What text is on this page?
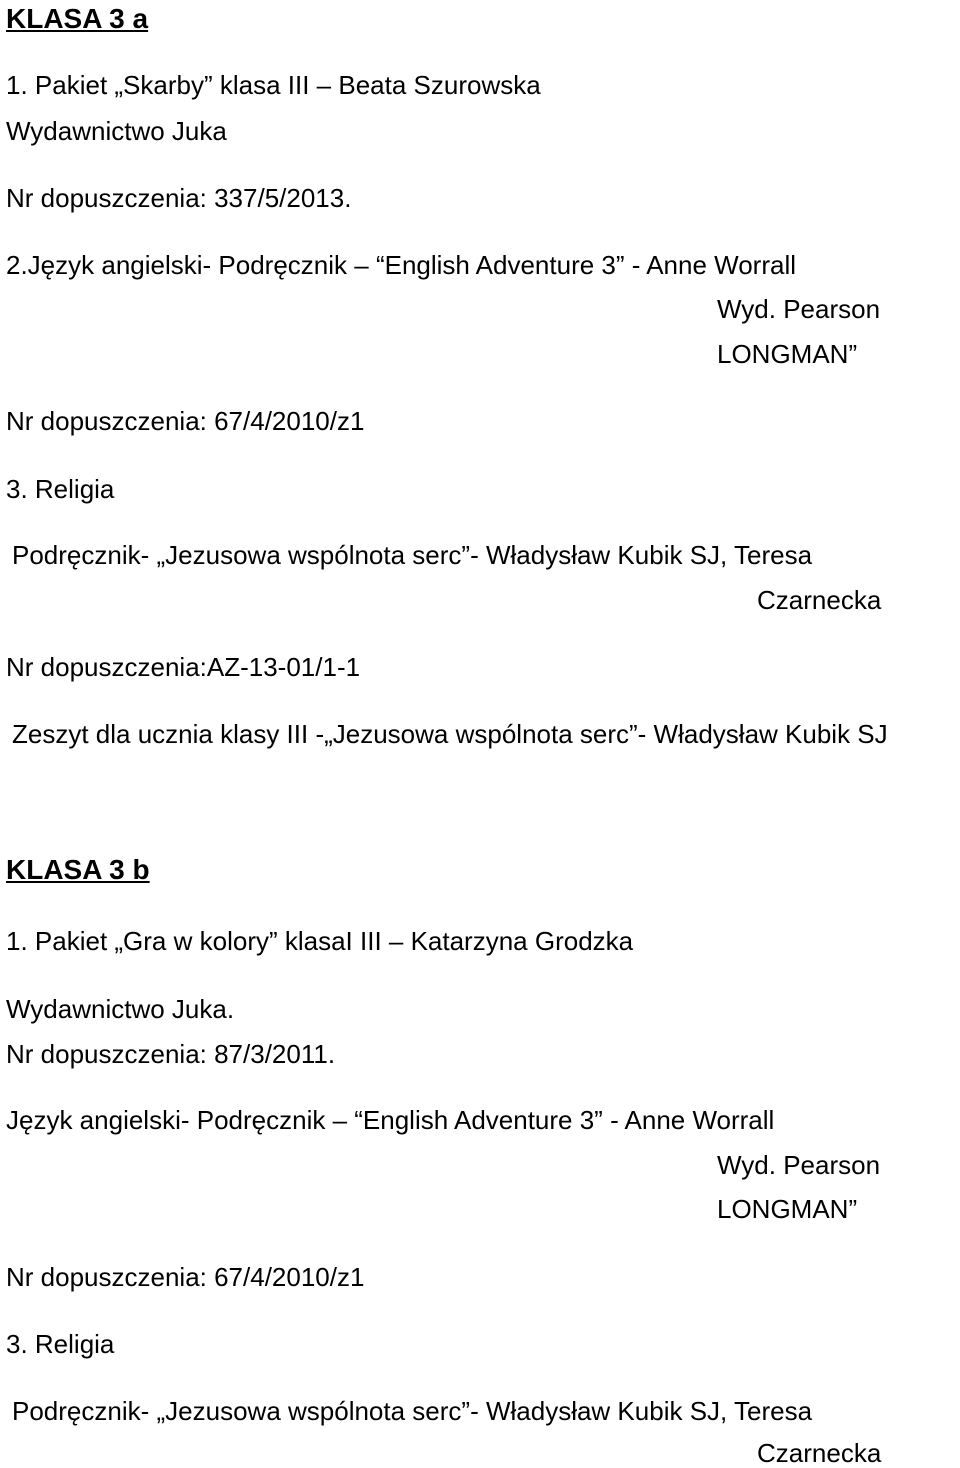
KLASA 3 a
1. Pakiet „Skarby” klasa III – Beata Szurowska
Wydawnictwo Juka
Nr dopuszczenia: 337/5/2013.
2.Język angielski- Podręcznik – “English Adventure 3” - Anne Worrall
Wyd. Pearson
LONGMAN”
Nr dopuszczenia: 67/4/2010/z1
3. Religia
Podręcznik- „Jezusowa wspólnota serc”- Władysław Kubik SJ, Teresa
Czarnecka
Nr dopuszczenia:AZ-13-01/1-1
Zeszyt dla ucznia klasy III -„Jezusowa wspólnota serc”- Władysław Kubik SJ
KLASA 3 b
1. Pakiet „Gra w kolory” klasaI III – Katarzyna Grodzka
Wydawnictwo Juka.
Nr dopuszczenia: 87/3/2011.
Język angielski- Podręcznik – “English Adventure 3” - Anne Worrall
Wyd. Pearson
LONGMAN”
Nr dopuszczenia: 67/4/2010/z1
3. Religia
Podręcznik- „Jezusowa wspólnota serc”- Władysław Kubik SJ, Teresa
Czarnecka
